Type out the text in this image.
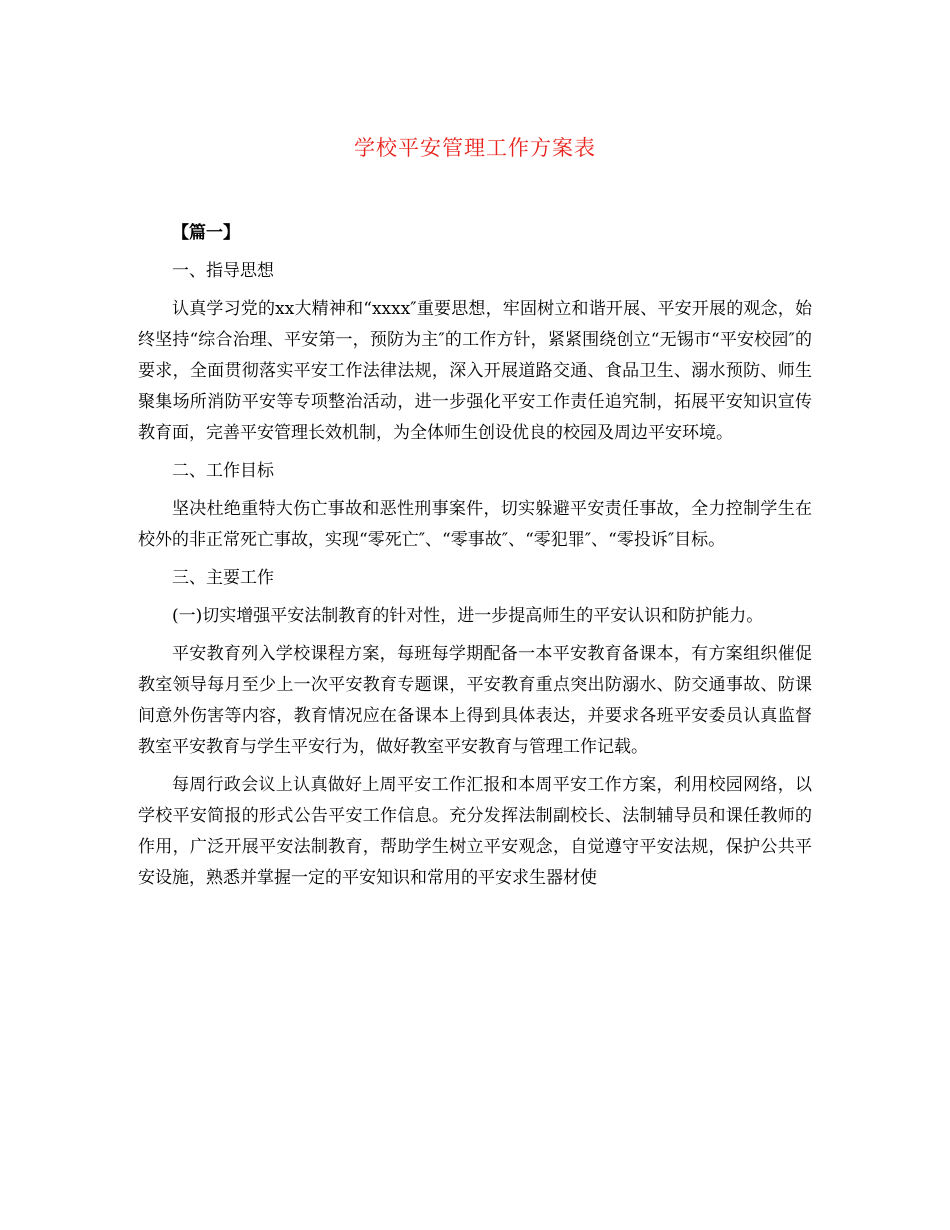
学校平安管理工作方案表

【篇一】

一、指导思想

认真学习党的xx大精神和“xxxx″重要思想，牢固树立和谐开展、平安开展的观念，始终坚持“综合治理、平安第一，预防为主″的工作方针，紧紧围绕创立“无锡市“平安校园″的要求，全面贯彻落实平安工作法律法规，深入开展道路交通、食品卫生、溺水预防、师生聚集场所消防平安等专项整治活动，进一步强化平安工作责任追究制，拓展平安知识宣传教育面，完善平安管理长效机制，为全体师生创设优良的校园及周边平安环境。

二、工作目标

坚决杜绝重特大伤亡事故和恶性刑事案件，切实躲避平安责任事故，全力控制学生在校外的非正常死亡事故，实现“零死亡″、“零事故″、“零犯罪″、“零投诉″目标。

三、主要工作

(一)切实增强平安法制教育的针对性，进一步提高师生的平安认识和防护能力。

平安教育列入学校课程方案，每班每学期配备一本平安教育备课本，有方案组织催促教室领导每月至少上一次平安教育专题课，平安教育重点突出防溺水、防交通事故、防课间意外伤害等内容，教育情况应在备课本上得到具体表达，并要求各班平安委员认真监督教室平安教育与学生平安行为，做好教室平安教育与管理工作记载。

每周行政会议上认真做好上周平安工作汇报和本周平安工作方案，利用校园网络，以学校平安简报的形式公告平安工作信息。充分发挥法制副校长、法制辅导员和课任教师的作用，广泛开展平安法制教育，帮助学生树立平安观念，自觉遵守平安法规，保护公共平安设施，熟悉并掌握一定的平安知识和常用的平安求生器材使
